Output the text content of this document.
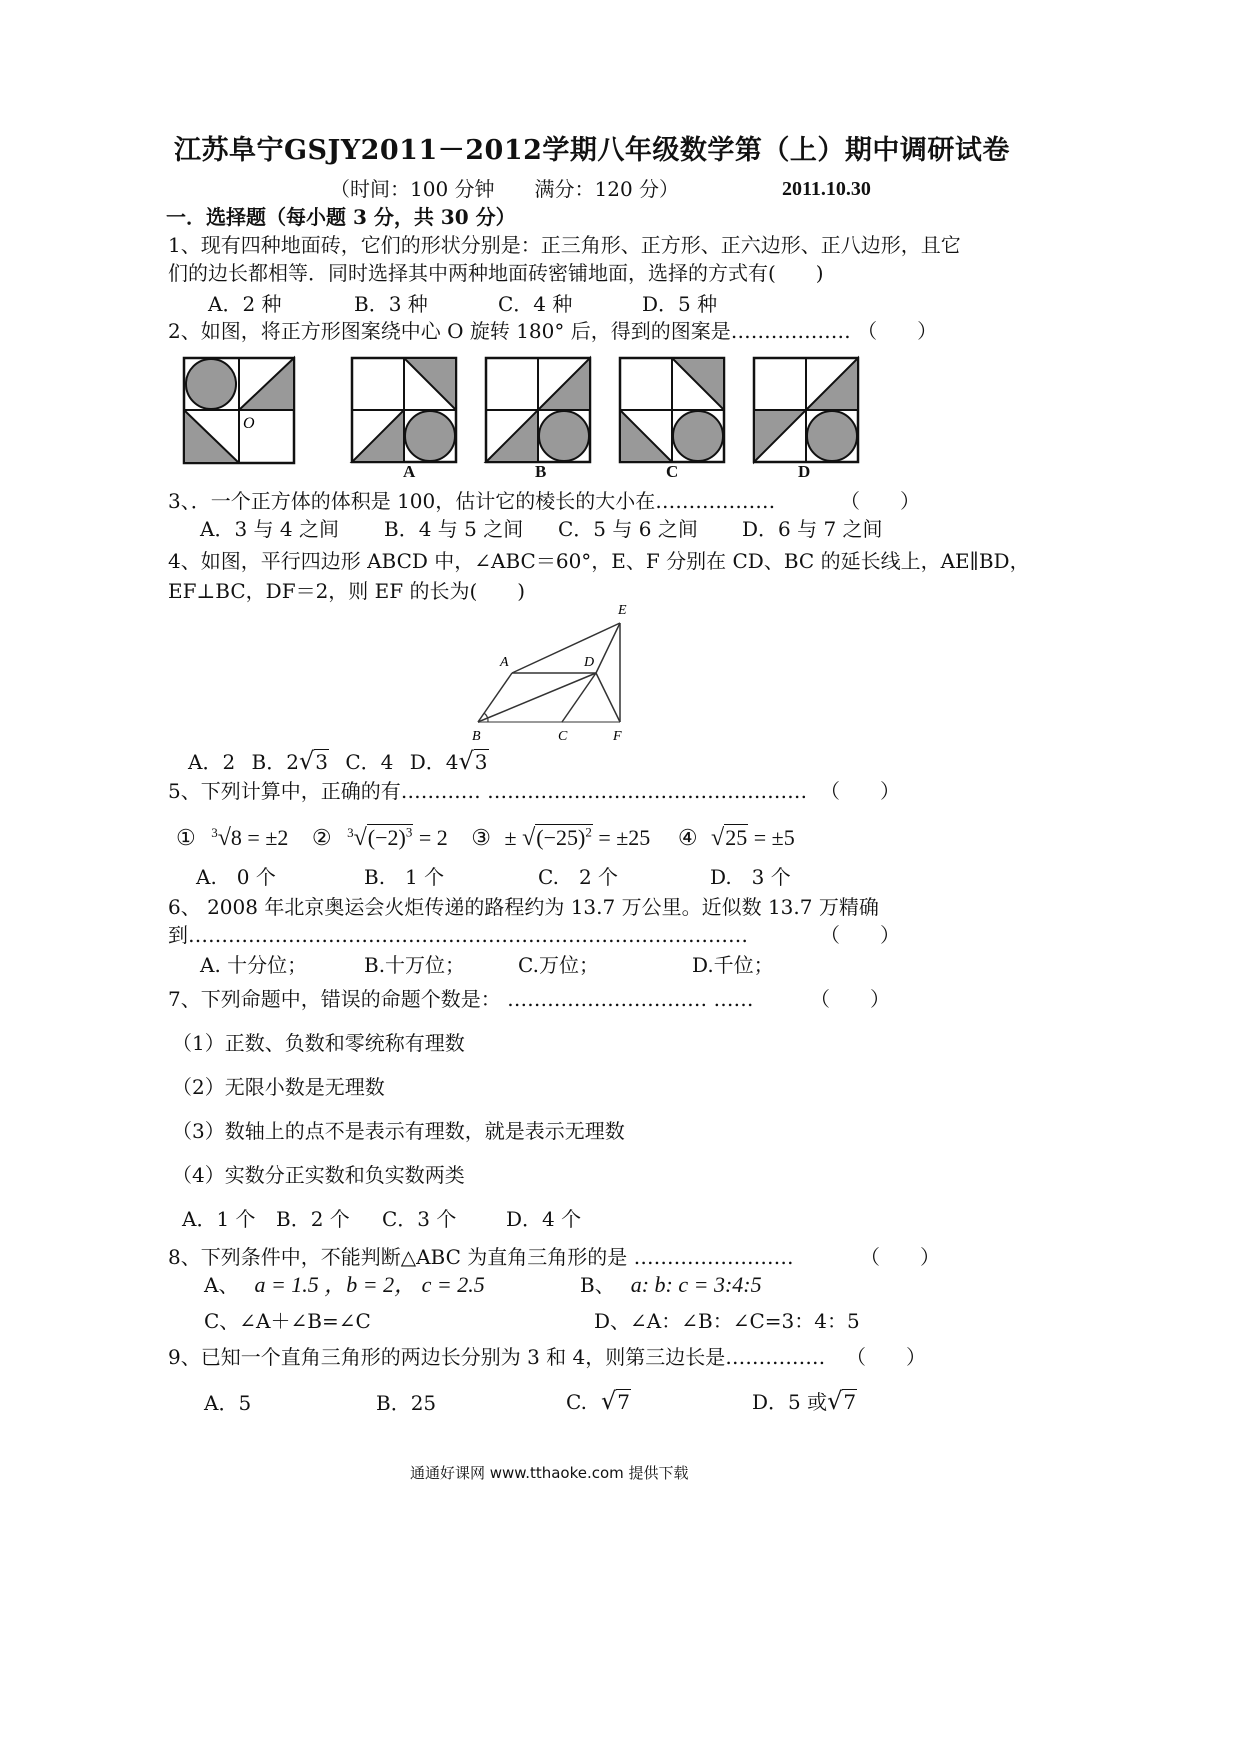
江苏阜宁GSJY2011－2012学期八年级数学第（上）期中调研试卷
（时间：100 分钟　　满分：120 分）	2011.10.30
一．选择题（每小题 3 分，共 30 分）
1、现有四种地面砖，它们的形状分别是：正三角形、正方形、正六边形、正八边形，且它
们的边长都相等．同时选择其中两种地面砖密铺地面，选择的方式有(　　)
A．2 种	B．3 种	C．4 种	D．5 种
2、如图，将正方形图案绕中心 O 旋转 180° 后，得到的图案是……………… （　　）
O
A	B	C	D
3、．一个正方体的体积是 100，估计它的棱长的大小在………………	（　　）
A．3 与 4 之间 B．4 与 5 之间 C．5 与 6 之间 D．6 与 7 之间
4、如图，平行四边形 ABCD 中，∠ABC＝60°，E、F 分别在 CD、BC 的延长线上，AE∥BD，
EF⊥BC，DF＝2，则 EF 的长为(　　)
A
B	C
D
E
F
A．2 B．2√3 C．4 D．4√3
5、下列计算中，正确的有………… ………………………………………… （　　）
① $^3$√8 = ±2 ② $^3√(-2)^3 = 2$ ③ ± $√(-25)^2 = \pm 25$ ④ √25 = ±5
A.　0 个	B.　1 个	C.　2 个	D.　3 个
6、 2008 年北京奥运会火炬传递的路程约为 13.7 万公里。近似数 13.7 万精确
到…………………………………………………………………………	（　　）
A. 十分位；	B.十万位；	C.万位；	D.千位；
7、下列命题中，错误的命题个数是： ………………………… ……	（　　）
（1）正数、负数和零统称有理数
（2）无限小数是无理数
（3）数轴上的点不是表示有理数，就是表示无理数
（4）实数分正实数和负实数两类
A．1 个 B．2 个 C．3 个 D．4 个
8、下列条件中，不能判断△ABC 为直角三角形的是 ……………………	（　　）
A、 a = 1.5 ，b = 2， c = 2.5	B、 a: b: c = 3:4:5
C、∠A＋∠B=∠C	D、∠A：∠B：∠C=3：4：5
9、已知一个直角三角形的两边长分别为 3 和 4，则第三边长是…………… （　　）
A．5	B．25	C. √7	D．5 或√7
通通好课网 www.tthaoke.com 提供下载
